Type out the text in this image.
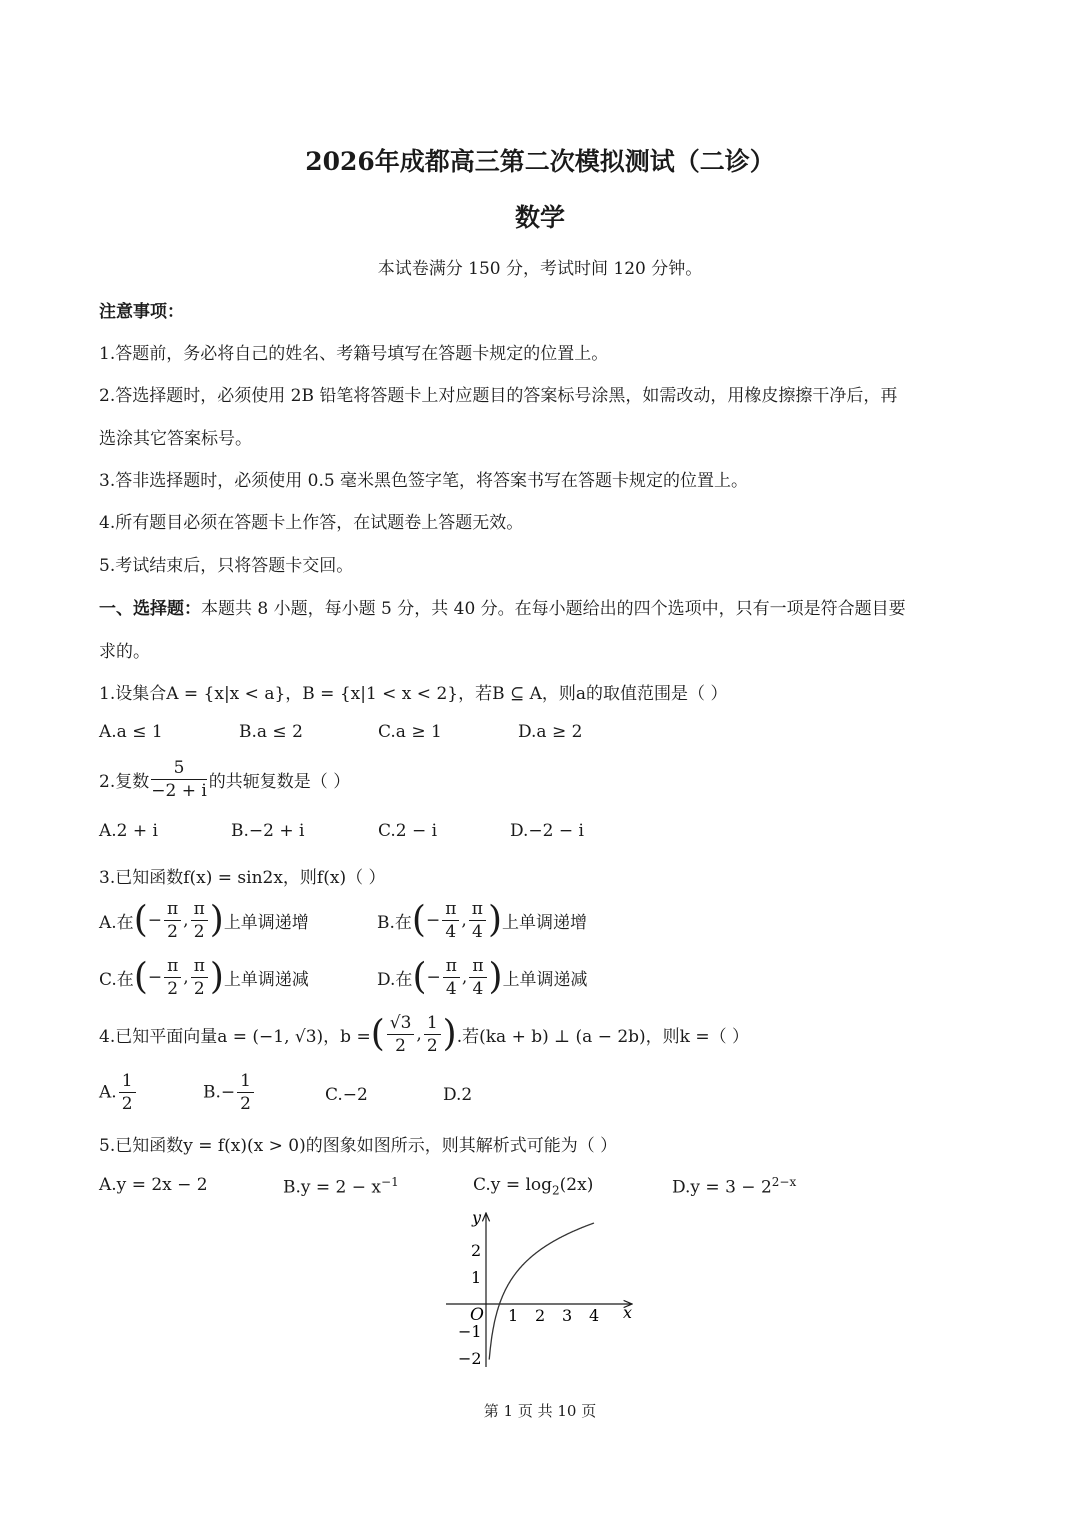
2026年成都高三第二次模拟测试（二诊）
数学
本试卷满分 150 分，考试时间 120 分钟。
注意事项：
1.答题前，务必将自己的姓名、考籍号填写在答题卡规定的位置上。
2.答选择题时，必须使用 2B 铅笔将答题卡上对应题目的答案标号涂黑，如需改动，用橡皮擦擦干净后，再
选涂其它答案标号。
3.答非选择题时，必须使用 0.5 毫米黑色签字笔，将答案书写在答题卡规定的位置上。
4.所有题目必须在答题卡上作答，在试题卷上答题无效。
5.考试结束后，只将答题卡交回。
一、选择题：本题共 8 小题，每小题 5 分，共 40 分。在每小题给出的四个选项中，只有一项是符合题目要
求的。
1.设集合A = {x|x < a}，B = {x|1 < x < 2}，若B ⊆ A，则a的取值范围是（ ）
A.a ≤ 1	B.a ≤ 2	C.a ≥ 1	D.a ≥ 2
2.复数 $\frac{5}{-2 + i}$ 的共轭复数是（ ）
A.2 + i	B.−2 + i	C.2 − i	D.−2 − i
3.已知函数f(x) = sin2x，则f(x)（ ）
A.在(− $\frac{\pi}{2}$ , $\frac{\pi}{2}$ )上单调递增	B.在(− $\frac{\pi}{4}$ , $\frac{\pi}{4}$ )上单调递增
C.在(− $\frac{\pi}{2}$ , $\frac{\pi}{2}$ )上单调递减	D.在(− $\frac{\pi}{4}$ , $\frac{\pi}{4}$ )上单调递减
4.已知平面向量a = (−1, √3)，b =( $\frac{√3}{2}$ , $\frac{1}{2}$ ).若(ka + b) ⊥ (a − 2b)，则k =（ ）
A. $\frac{1}{2}$	$B.- \frac{1}{2}$	C.−2	D.2
5.已知函数y = f(x)(x > 0)的图象如图所示，则其解析式可能为（ ）
A.y = 2x − 2	$B.y = 2 - x^{-1}$	$C.y = \log_2(2x)$	$D.y = 3 - 2^{2-x}$
y
x
O 1 2 3 4
2
1
−1
−2
第 1 页 共 10 页
